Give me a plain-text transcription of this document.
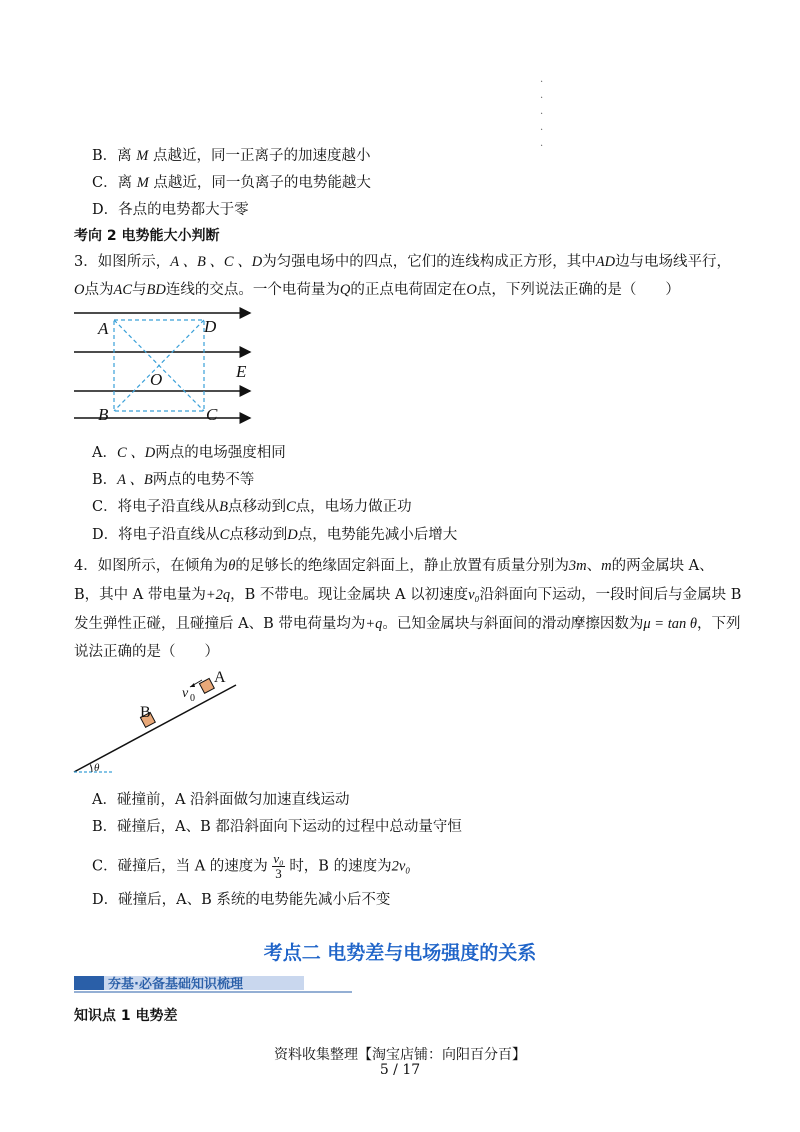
.
.
.
.
.
B．离 M 点越近，同一正离子的加速度越小
C．离 M 点越近，同一负离子的电势能越大
D．各点的电势都大于零
考向 2 电势能大小判断
3．如图所示，A 、B 、C 、D为匀强电场中的四点，它们的连线构成正方形，其中AD边与电场线平行，
O点为AC与BD连线的交点。一个电荷量为Q的正点电荷固定在O点，下列说法正确的是（　　）
A	D
O	E
B	C
A．C 、D两点的电场强度相同
B．A 、B两点的电势不等
C．将电子沿直线从B点移动到C点，电场力做正功
D．将电子沿直线从C点移动到D点，电势能先减小后增大
4．如图所示，在倾角为θ的足够长的绝缘固定斜面上，静止放置有质量分别为3m、m的两金属块 A、
B，其中 A 带电量为+2q，B 不带电。现让金属块 A 以初速度v₀沿斜面向下运动，一段时间后与金属块 B
发生弹性正碰，且碰撞后 A、B 带电荷量均为+q。已知金属块与斜面间的滑动摩擦因数为μ = tan θ，下列
说法正确的是（　　）
θ
B
A
v 0
A．碰撞前，A 沿斜面做匀加速直线运动
B．碰撞后，A、B 都沿斜面向下运动的过程中总动量守恒
C．碰撞后，当 A 的速度为 $\frac{\text{v₀}}{3}$ 时，B 的速度为2v₀
D．碰撞后，A、B 系统的电势能先减小后不变
考点二 电势差与电场强度的关系
夯基·必备基础知识梳理
知识点 1 电势差
资料收集整理【淘宝店铺：向阳百分百】
5 / 17
